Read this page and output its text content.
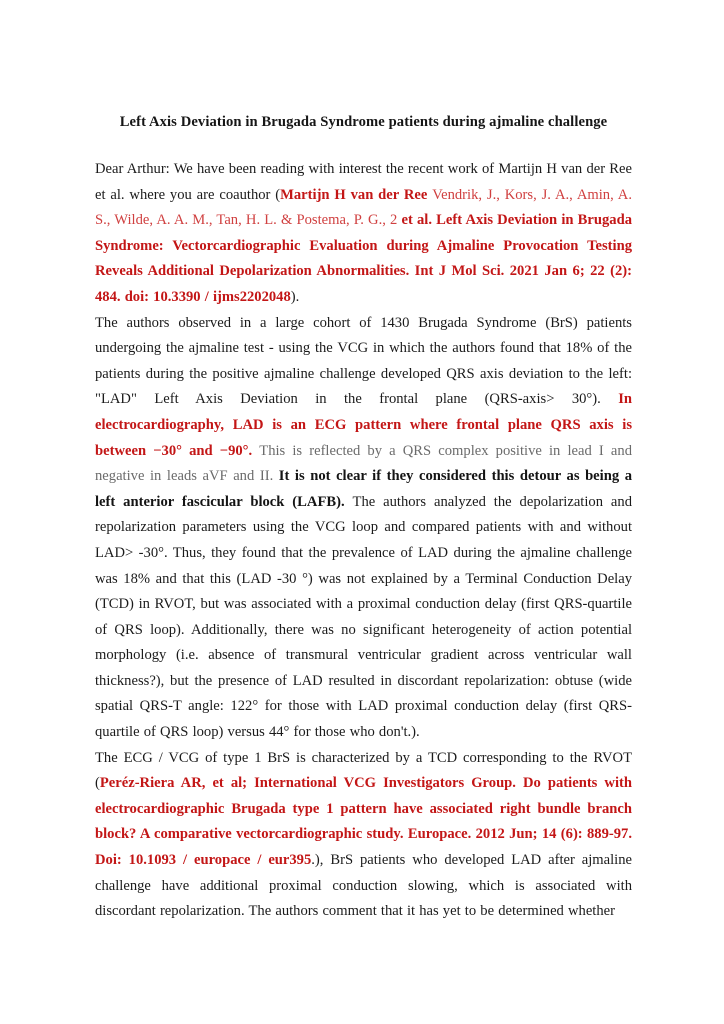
Left Axis Deviation in Brugada Syndrome patients during ajmaline challenge

Dear Arthur: We have been reading with interest the recent work of Martijn H van der Ree et al. where you are coauthor (Martijn H van der Ree Vendrik, J., Kors, J. A., Amin, A. S., Wilde, A. A. M., Tan, H. L. & Postema, P. G., 2 et al. Left Axis Deviation in Brugada Syndrome: Vectorcardiographic Evaluation during Ajmaline Provocation Testing Reveals Additional Depolarization Abnormalities. Int J Mol Sci. 2021 Jan 6; 22 (2): 484. doi: 10.3390 / ijms2202048).

The authors observed in a large cohort of 1430 Brugada Syndrome (BrS) patients undergoing the ajmaline test - using the VCG in which the authors found that 18% of the patients during the positive ajmaline challenge developed QRS axis deviation to the left: "LAD" Left Axis Deviation in the frontal plane (QRS-axis> 30°). In electrocardiography, LAD is an ECG pattern where frontal plane QRS axis is between −30° and −90°. This is reflected by a QRS complex positive in lead I and negative in leads aVF and II. It is not clear if they considered this detour as being a left anterior fascicular block (LAFB). The authors analyzed the depolarization and repolarization parameters using the VCG loop and compared patients with and without LAD> -30°. Thus, they found that the prevalence of LAD during the ajmaline challenge was 18% and that this (LAD -30 °) was not explained by a Terminal Conduction Delay (TCD) in RVOT, but was associated with a proximal conduction delay (first QRS-quartile of QRS loop). Additionally, there was no significant heterogeneity of action potential morphology (i.e. absence of transmural ventricular gradient across ventricular wall thickness?), but the presence of LAD resulted in discordant repolarization: obtuse (wide spatial QRS-T angle: 122° for those with LAD proximal conduction delay (first QRS-quartile of QRS loop) versus 44° for those who don't.).

The ECG / VCG of type 1 BrS is characterized by a TCD corresponding to the RVOT (Peréz-Riera AR, et al; International VCG Investigators Group. Do patients with electrocardiographic Brugada type 1 pattern have associated right bundle branch block? A comparative vectorcardiographic study. Europace. 2012 Jun; 14 (6): 889-97. Doi: 10.1093 / europace / eur395.), BrS patients who developed LAD after ajmaline challenge have additional proximal conduction slowing, which is associated with discordant repolarization. The authors comment that it has yet to be determined whether
